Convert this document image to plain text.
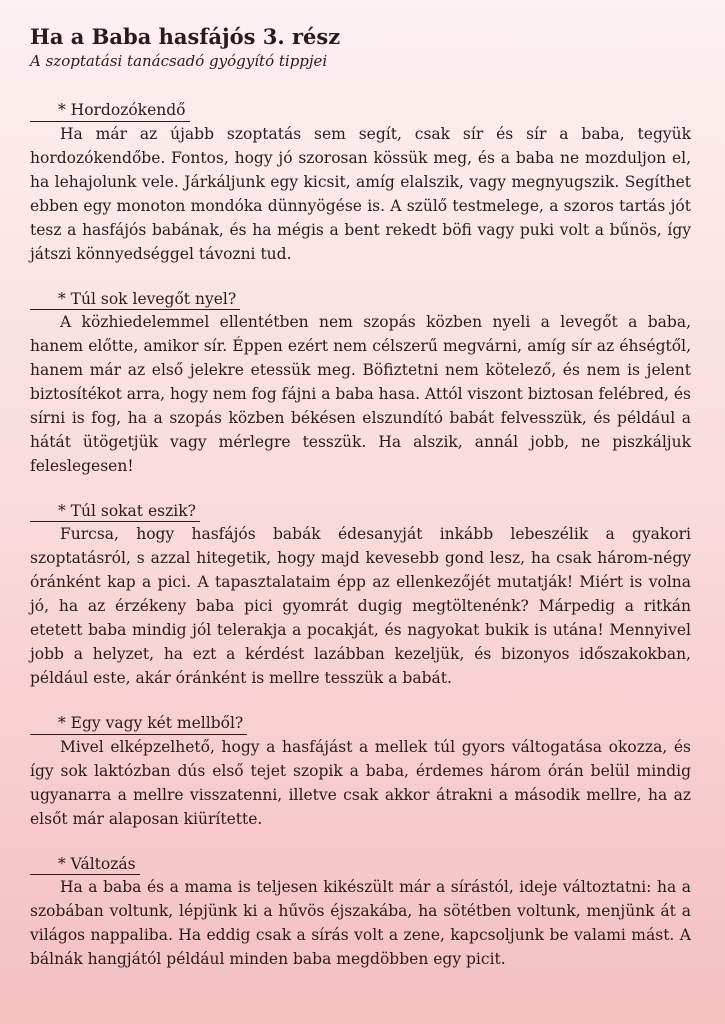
Ha a Baba hasfájós 3. rész

A szoptatási tanácsadó gyógyító tippjei

* Hordozókendő

Ha már az újabb szoptatás sem segít, csak sír és sír a baba, tegyük hordozókendőbe. Fontos, hogy jó szorosan kössük meg, és a baba ne mozduljon el, ha lehajolunk vele. Járkáljunk egy kicsit, amíg elalszik, vagy megnyugszik. Segíthet ebben egy monoton mondóka dünnyögése is. A szülő testmelege, a szoros tartás jót tesz a hasfájós babának, és ha mégis a bent rekedt böfi vagy puki volt a bűnös, így játszi könnyedséggel távozni tud.

* Túl sok levegőt nyel?

A közhiedelemmel ellentétben nem szopás közben nyeli a levegőt a baba, hanem előtte, amikor sír. Éppen ezért nem célszerű megvárni, amíg sír az éhségtől, hanem már az első jelekre etessük meg. Böfiztetni nem kötelező, és nem is jelent biztosítékot arra, hogy nem fog fájni a baba hasa. Attól viszont biztosan felébred, és sírni is fog, ha a szopás közben békésen elszundító babát felvesszük, és például a hátát ütögetjük vagy mérlegre tesszük. Ha alszik, annál jobb, ne piszkáljuk feleslegesen!

* Túl sokat eszik?

Furcsa, hogy hasfájós babák édesanyját inkább lebeszélik a gyakori szoptatásról, s azzal hitegetik, hogy majd kevesebb gond lesz, ha csak három-négy óránként kap a pici. A tapasztalataim épp az ellenkezőjét mutatják! Miért is volna jó, ha az érzékeny baba pici gyomrát dugig megtöltenénk? Márpedig a ritkán etetett baba mindig jól telerakja a pocakját, és nagyokat bukik is utána! Mennyivel jobb a helyzet, ha ezt a kérdést lazábban kezeljük, és bizonyos időszakokban, például este, akár óránként is mellre tesszük a babát.

* Egy vagy két mellből?

Mivel elképzelhető, hogy a hasfájást a mellek túl gyors váltogatása okozza, és így sok laktózban dús első tejet szopik a baba, érdemes három órán belül mindig ugyanarra a mellre visszatenni, illetve csak akkor átrakni a második mellre, ha az elsőt már alaposan kiürítette.

* Változás

Ha a baba és a mama is teljesen kikészült már a sírástól, ideje változtatni: ha a szobában voltunk, lépjünk ki a hűvös éjszakába, ha sötétben voltunk, menjünk át a világos nappaliba. Ha eddig csak a sírás volt a zene, kapcsoljunk be valami mást. A bálnák hangjától például minden baba megdöbben egy picit.
